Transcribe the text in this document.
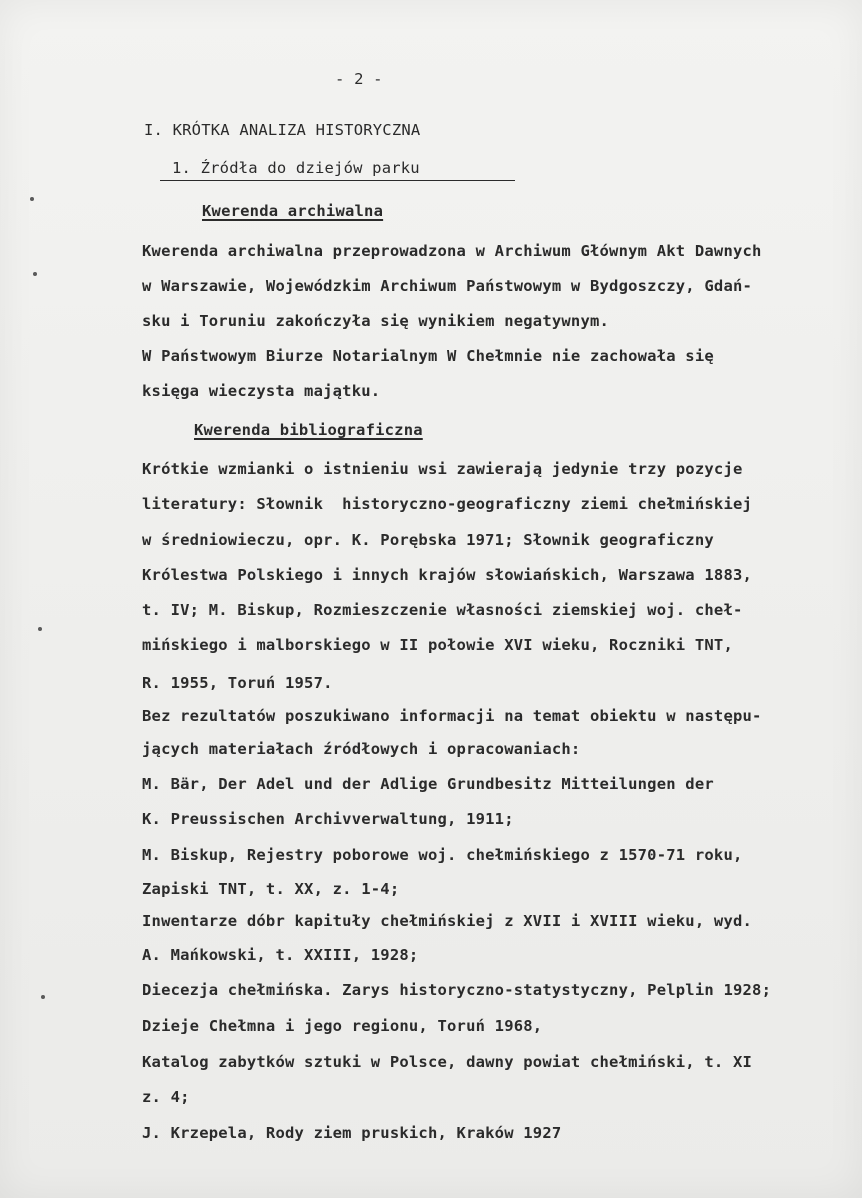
- 2 -
I. KRÓTKA ANALIZA HISTORYCZNA
1. Źródła do dziejów parku
Kwerenda archiwalna
Kwerenda archiwalna przeprowadzona w Archiwum Głównym Akt Dawnych
w Warszawie, Wojewódzkim Archiwum Państwowym w Bydgoszczy, Gdań-
sku i Toruniu zakończyła się wynikiem negatywnym.
W Państwowym Biurze Notarialnym W Chełmnie nie zachowała się
księga wieczysta majątku.
Kwerenda bibliograficzna
Krótkie wzmianki o istnieniu wsi zawierają jedynie trzy pozycje
literatury: Słownik  historyczno-geograficzny ziemi chełmińskiej
w średniowieczu, opr. K. Porębska 1971; Słownik geograficzny
Królestwa Polskiego i innych krajów słowiańskich, Warszawa 1883,
t. IV; M. Biskup, Rozmieszczenie własności ziemskiej woj. cheł-
mińskiego i malborskiego w II połowie XVI wieku, Roczniki TNT,
R. 1955, Toruń 1957.
Bez rezultatów poszukiwano informacji na temat obiektu w następu-
jących materiałach źródłowych i opracowaniach:
M. Bär, Der Adel und der Adlige Grundbesitz Mitteilungen der
K. Preussischen Archivverwaltung, 1911;
M. Biskup, Rejestry poborowe woj. chełmińskiego z 1570-71 roku,
Zapiski TNT, t. XX, z. 1-4;
Inwentarze dóbr kapituły chełmińskiej z XVII i XVIII wieku, wyd.
A. Mańkowski, t. XXIII, 1928;
Diecezja chełmińska. Zarys historyczno-statystyczny, Pelplin 1928;
Dzieje Chełmna i jego regionu, Toruń 1968,
Katalog zabytków sztuki w Polsce, dawny powiat chełmiński, t. XI
z. 4;
J. Krzepela, Rody ziem pruskich, Kraków 1927
